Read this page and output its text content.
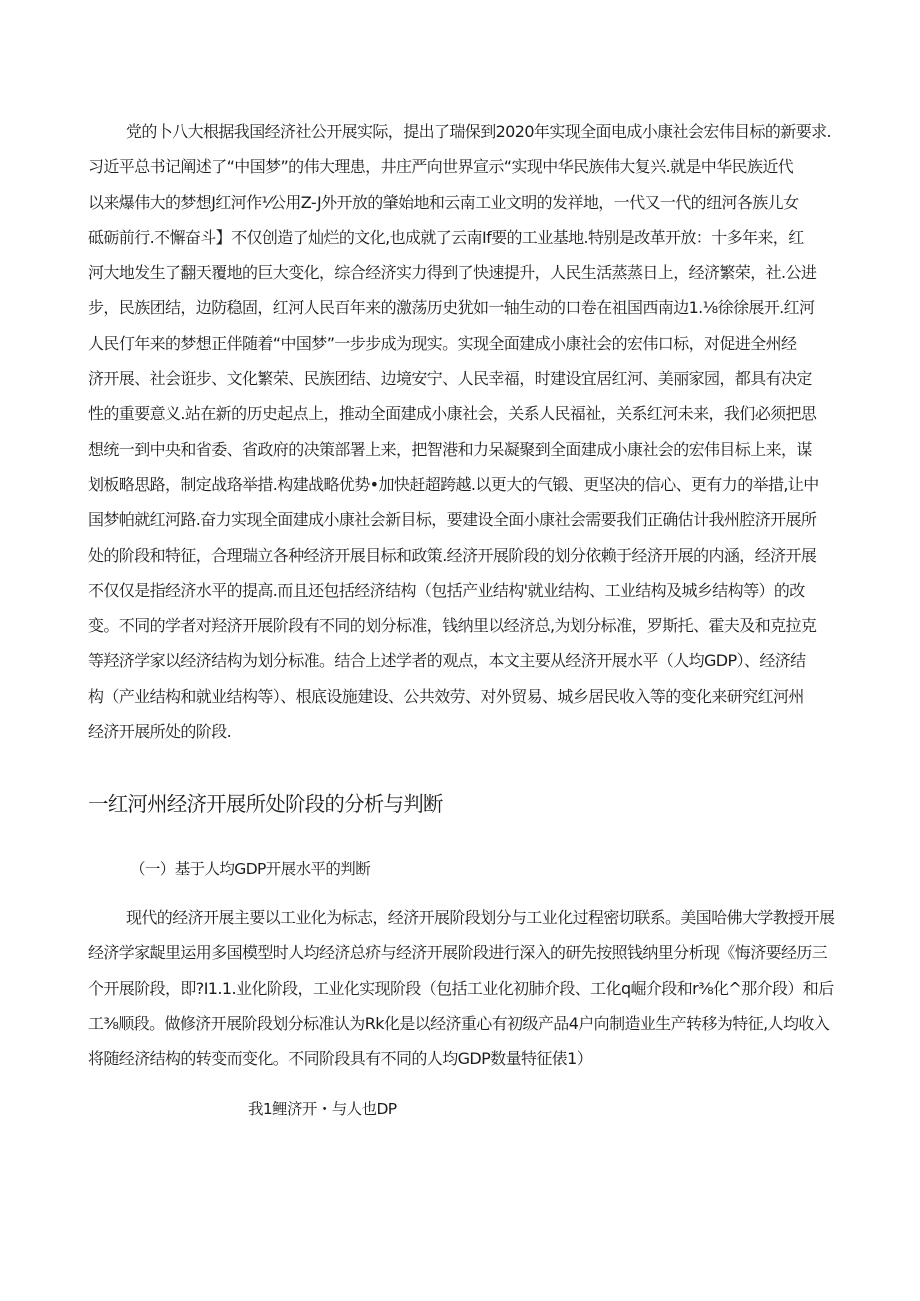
党的卜八大根据我国经济社公开展实际，提出了瑞保到2020年实现全面电成小康社会宏伟目标的新要求.
习近平总书记阐述了“中国梦”的伟大理患，井庄严向世界宣示“实现中华民族伟大复兴.就是中华民族近代
以来爆伟大的梦想J红河作⅟公用Z-J外开放的肇始地和云南工业文明的发祥地，一代又一代的纽河各族儿女
砥砺前行.不懈奋斗】不仅创造了灿烂的文化,也成就了云南If要的工业基地.特别是改革开放：十多年来，红
河大地发生了翻天覆地的巨大变化，综合经济实力得到了快速提升，人民生活蒸蒸日上，经济繁荣，社.公进
步，民族团结，边防稳固，红河人民百年来的激荡历史犹如一轴生动的口卷在祖国西南边1.⅛徐徐展开.红河
人民仃年来的梦想正伴随着“中国梦”一步步成为现实。实现全面建成小康社会的宏伟口标，对促进全州经
济开展、社会诳步、文化繁荣、民族团结、边境安宁、人民幸福，时建设宜居红河、美丽家园，都具有决定
性的重要意义.站在新的历史起点上，推动全面建成小康社会，关系人民福祉，关系红河未来，我们必须把思
想统一到中央和省委、省政府的决策部署上来，把智港和力呆凝聚到全面建成小康社会的宏伟目标上来，谋
划板略思路，制定战珞举措.构建战略优势•加快赶超跨越.以更大的气锻、更坚决的信心、更有力的举措,让中
国梦帕就红河路.奋力实现全面建成小康社会新目标，要建设全面小康社会需要我们正确估计我州腔济开展所
处的阶段和特征，合理瑞立各种经济开展目标和政策.经济开展阶段的划分依赖于经济开展的内涵，经济开展
不仅仅是指经济水平的提高.而且还包括经济结构（包括产业结构'就业结构、工业结构及城乡结构等）的改
变。不同的学者对羟济开展阶段有不同的划分标准，钱纳里以经济总,为划分标准，罗斯托、霍夫及和克拉克
等羟济学家以经济结构为划分标准。结合上述学者的观点，本文主要从经济开展水平（人均GDP）、经济结
构（产业结构和就业结构等）、根底设施建设、公共效劳、对外贸易、城乡居民收入等的变化来研究红河州
经济开展所处的阶段.
一红河州经济开展所处阶段的分析与判断
（一）基于人均GDP开展水平的判断
现代的经济开展主要以工业化为标志，经济开展阶段划分与工业化过程密切联系。美国哈佛大学教授开展
经济学家龊里运用多国模型时人均经济总疥与经济开展阶段进行深入的研先按照钱纳里分析现《悔济要经历三
个开展阶段，即?I1.1.业化阶段，工业化实现阶段（包括工业化初肺介段、工化q崛介段和r⅜化^那介段）和后
工⅜顺段。做修济开展阶段划分标准认为Rk化是以经济重心有初级产品4户向制造业生产转移为特征,人均收入
将随经济结构的转变而变化。不同阶段具有不同的人均GDP数量特征俵1）

我1鲤济开・与人也DP
